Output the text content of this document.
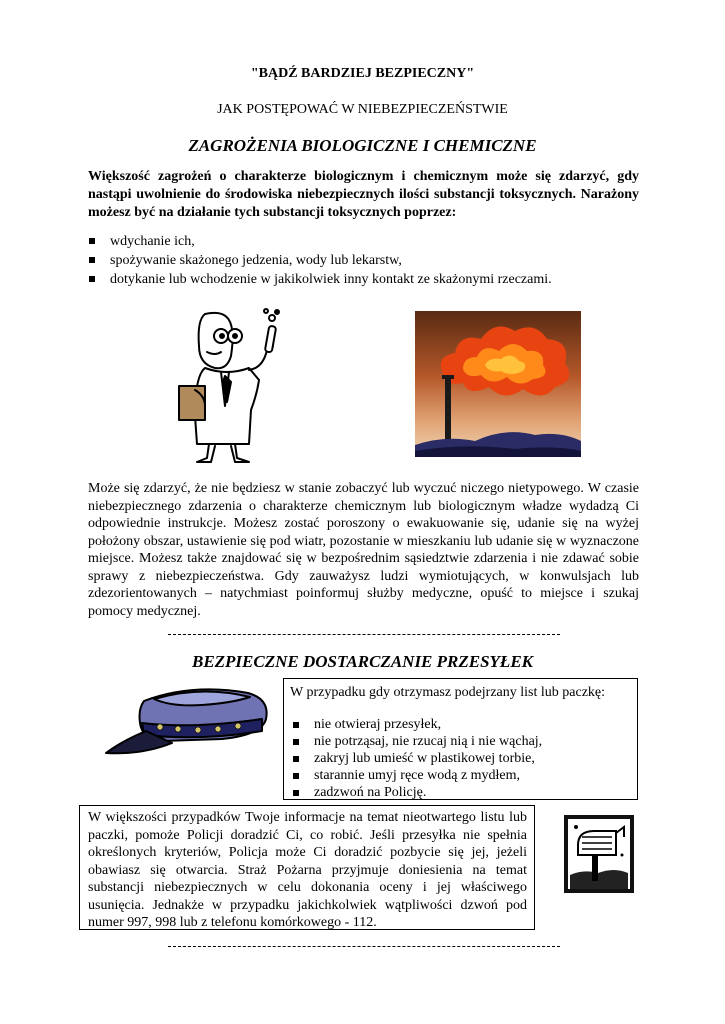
"BĄDŹ BARDZIEJ BEZPIECZNY"
JAK POSTĘPOWAĆ W NIEBEZPIECZEŃSTWIE
ZAGROŻENIA BIOLOGICZNE I CHEMICZNE
Większość zagrożeń o charakterze biologicznym i chemicznym może się zdarzyć, gdy nastąpi uwolnienie do środowiska niebezpiecznych ilości substancji toksycznych. Narażony możesz być na działanie tych substancji toksycznych poprzez:
wdychanie ich,
spożywanie skażonego jedzenia, wody lub lekarstw,
dotykanie lub wchodzenie w jakikolwiek inny kontakt ze skażonymi rzeczami.
Może się zdarzyć, że nie będziesz w stanie zobaczyć lub wyczuć niczego nietypowego. W czasie niebezpiecznego zdarzenia o charakterze chemicznym lub biologicznym władze wydadzą Ci odpowiednie instrukcje. Możesz zostać poroszony o ewakuowanie się, udanie się na wyżej położony obszar, ustawienie się pod wiatr, pozostanie w mieszkaniu lub udanie się w wyznaczone miejsce. Możesz także znajdować się w bezpośrednim sąsiedztwie zdarzenia i nie zdawać sobie sprawy z niebezpieczeństwa. Gdy zauważysz ludzi wymiotujących, w konwulsjach lub zdezorientowanych – natychmiast poinformuj służby medyczne, opuść to miejsce i szukaj pomocy medycznej.
BEZPIECZNE DOSTARCZANIE PRZESYŁEK
W przypadku gdy otrzymasz podejrzany list lub paczkę:
nie otwieraj przesyłek,
nie potrząsaj, nie rzucaj nią i nie wąchaj,
zakryj lub umieść w plastikowej torbie,
starannie umyj ręce wodą z mydłem,
zadzwoń na Policję.
W większości przypadków Twoje informacje na temat nieotwartego listu lub paczki, pomoże Policji doradzić Ci, co robić. Jeśli przesyłka nie spełnia określonych kryteriów, Policja może Ci doradzić pozbycie się jej, jeżeli obawiasz się otwarcia. Straż Pożarna przyjmuje doniesienia na temat substancji niebezpiecznych w celu dokonania oceny i jej właściwego usunięcia. Jednakże w przypadku jakichkolwiek wątpliwości dzwoń pod numer 997, 998 lub z telefonu komórkowego - 112.
